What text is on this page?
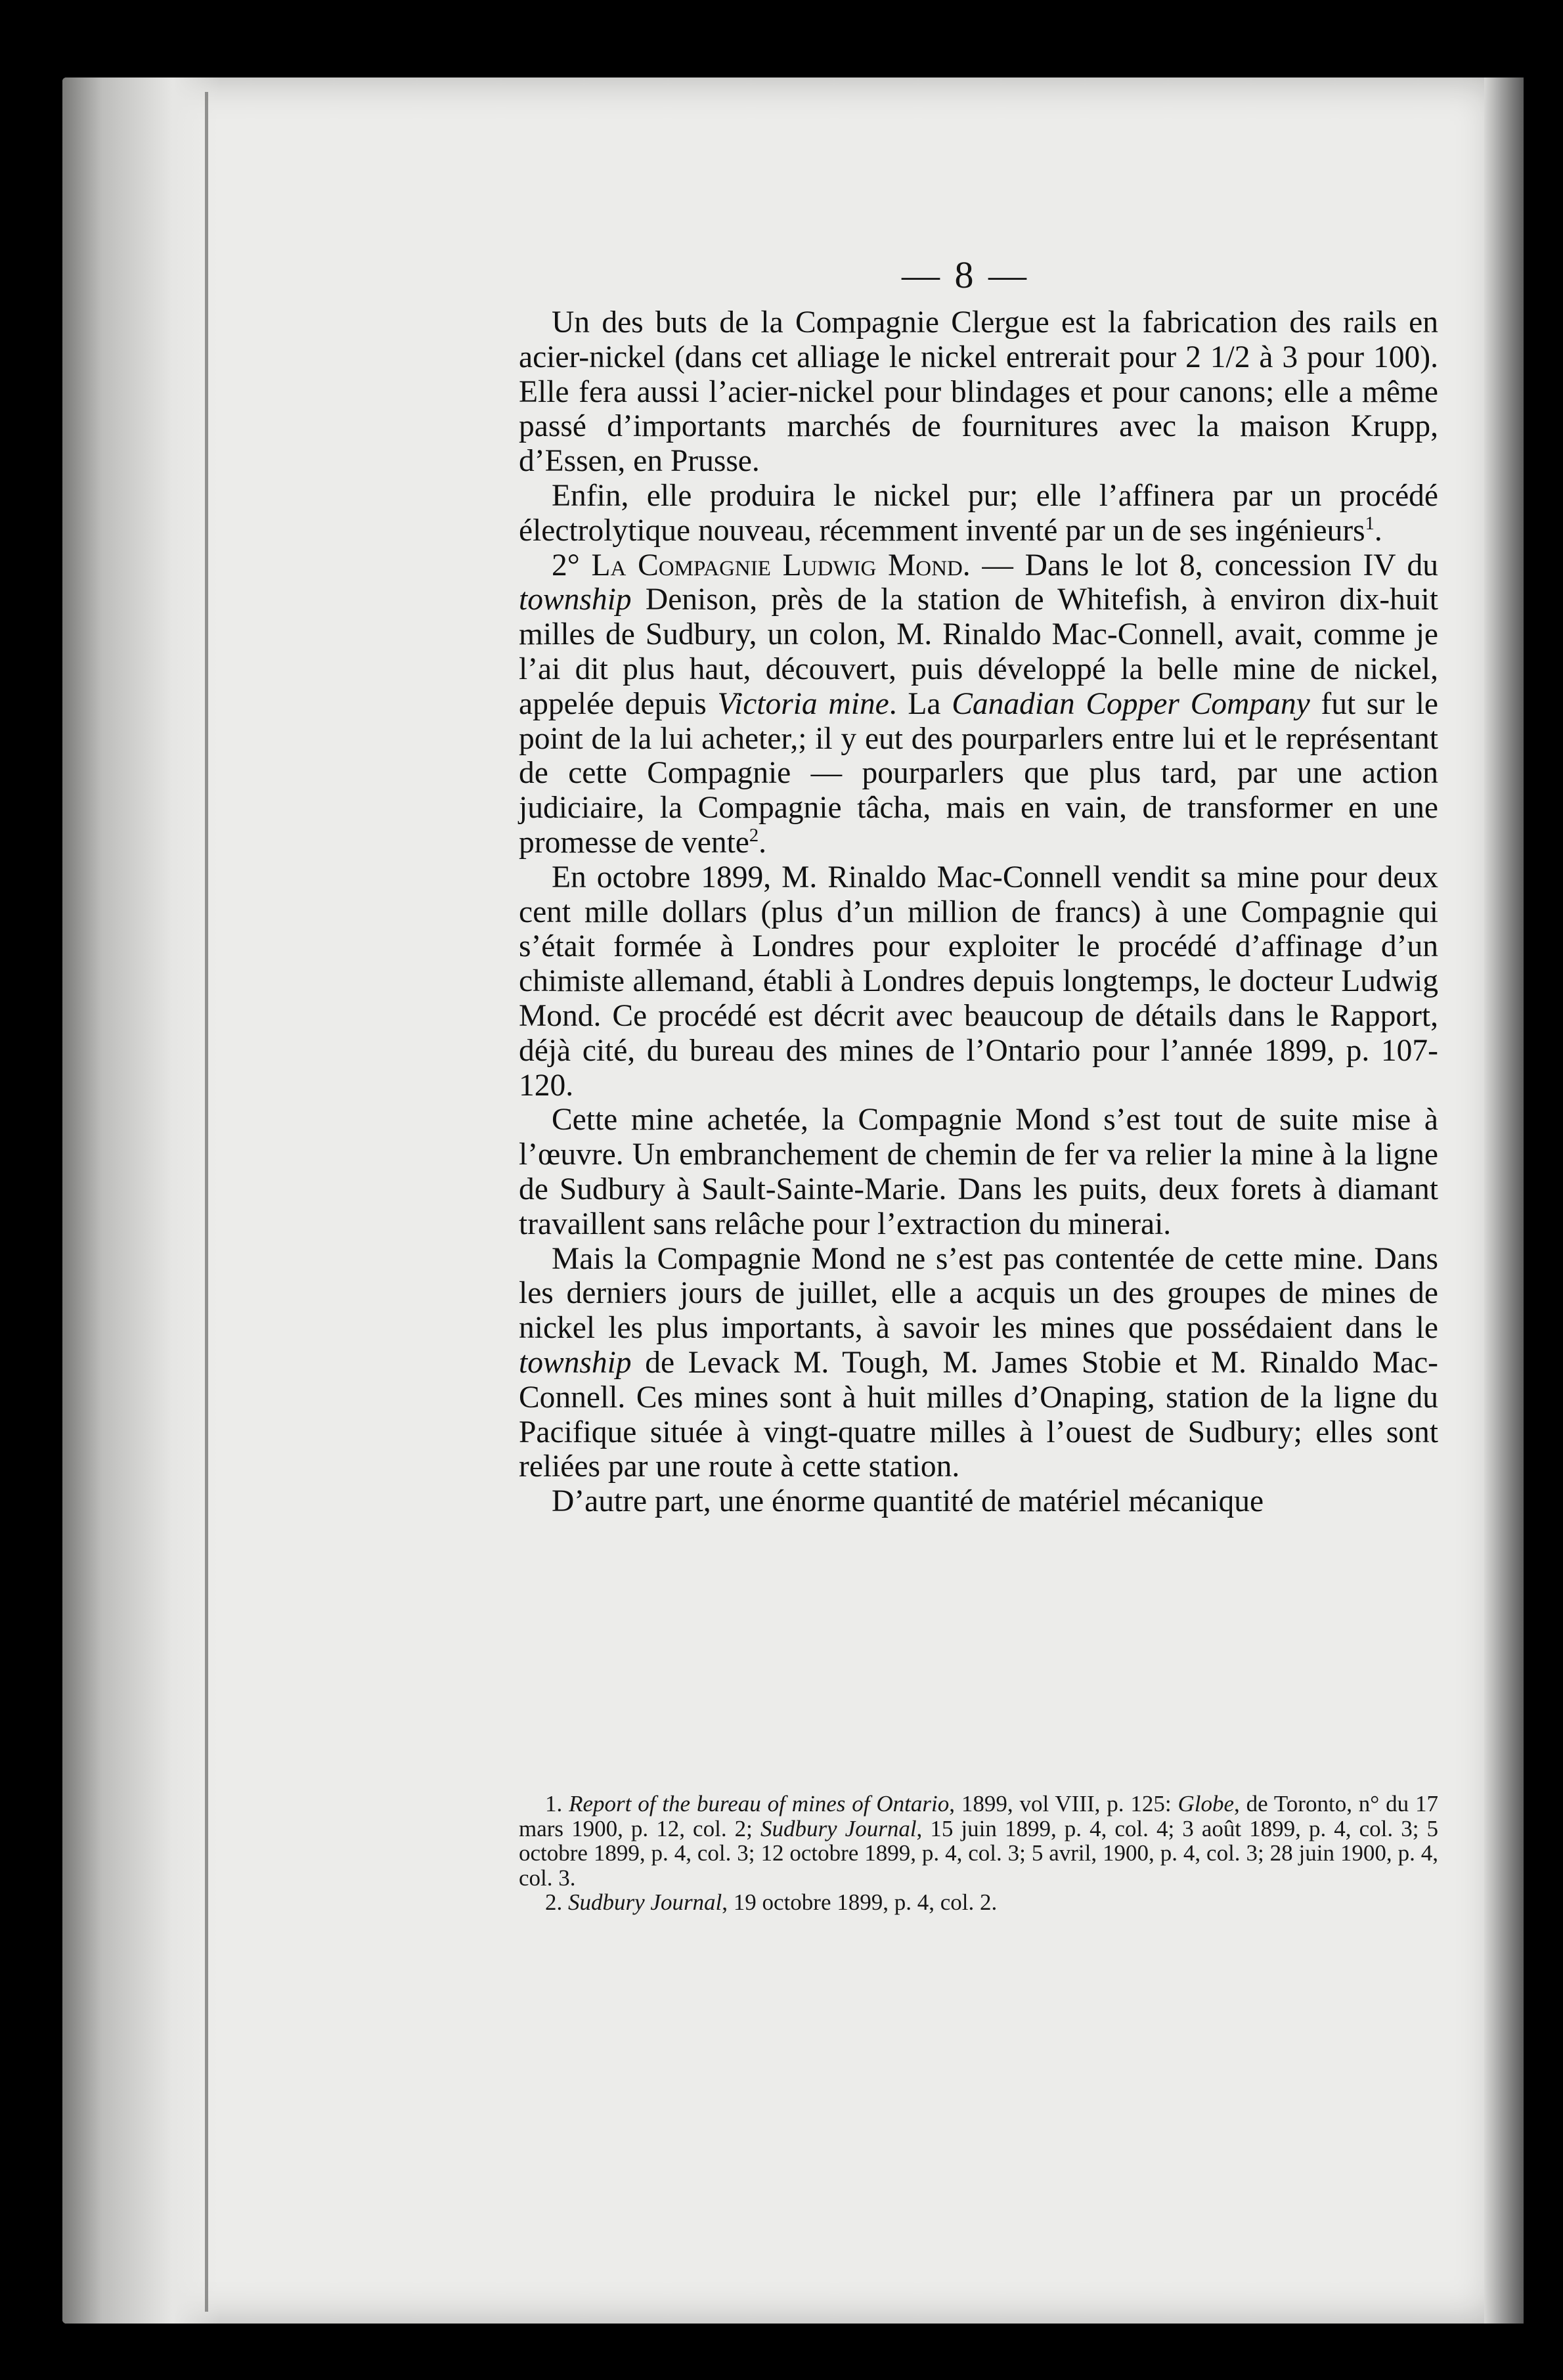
— 8 —

Un des buts de la Compagnie Clergue est la fabrication des rails en acier-nickel (dans cet alliage le nickel entrerait pour 2 1/2 à 3 pour 100). Elle fera aussi l’acier-nickel pour blindages et pour canons; elle a même passé d’importants marchés de fournitures avec la maison Krupp, d’Essen, en Prusse.

Enfin, elle produira le nickel pur; elle l’affinera par un procédé électrolytique nouveau, récemment inventé par un de ses ingénieurs$^1$.

2° La Compagnie Ludwig Mond. — Dans le lot 8, concession IV du township Denison, près de la station de Whitefish, à environ dix-huit milles de Sudbury, un colon, M. Rinaldo Mac-Connell, avait, comme je l’ai dit plus haut, découvert, puis développé la belle mine de nickel, appelée depuis Victoria mine. La Canadian Copper Company fut sur le point de la lui acheter,; il y eut des pourparlers entre lui et le représentant de cette Compagnie — pourparlers que plus tard, par une action judiciaire, la Compagnie tâcha, mais en vain, de transformer en une promesse de vente$^2$.

En octobre 1899, M. Rinaldo Mac-Connell vendit sa mine pour deux cent mille dollars (plus d’un million de francs) à une Compagnie qui s’était formée à Londres pour exploiter le procédé d’affinage d’un chimiste allemand, établi à Londres depuis longtemps, le docteur Ludwig Mond. Ce procédé est décrit avec beaucoup de détails dans le Rapport, déjà cité, du bureau des mines de l’Ontario pour l’année 1899, p. 107-120.

Cette mine achetée, la Compagnie Mond s’est tout de suite mise à l’œuvre. Un embranchement de chemin de fer va relier la mine à la ligne de Sudbury à Sault-Sainte-Marie. Dans les puits, deux forets à diamant travaillent sans relâche pour l’extraction du minerai.

Mais la Compagnie Mond ne s’est pas contentée de cette mine. Dans les derniers jours de juillet, elle a acquis un des groupes de mines de nickel les plus importants, à savoir les mines que possédaient dans le township de Levack M. Tough, M. James Stobie et M. Rinaldo Mac-Connell. Ces mines sont à huit milles d’Onaping, station de la ligne du Pacifique située à vingt-quatre milles à l’ouest de Sudbury; elles sont reliées par une route à cette station.

D’autre part, une énorme quantité de matériel mécanique

1. Report of the bureau of mines of Ontario, 1899, vol VIII, p. 125: Globe, de Toronto, n° du 17 mars 1900, p. 12, col. 2; Sudbury Journal, 15 juin 1899, p. 4, col. 4; 3 août 1899, p. 4, col. 3; 5 octobre 1899, p. 4, col. 3; 12 octobre 1899, p. 4, col. 3; 5 avril, 1900, p. 4, col. 3; 28 juin 1900, p. 4, col. 3.

2. Sudbury Journal, 19 octobre 1899, p. 4, col. 2.
